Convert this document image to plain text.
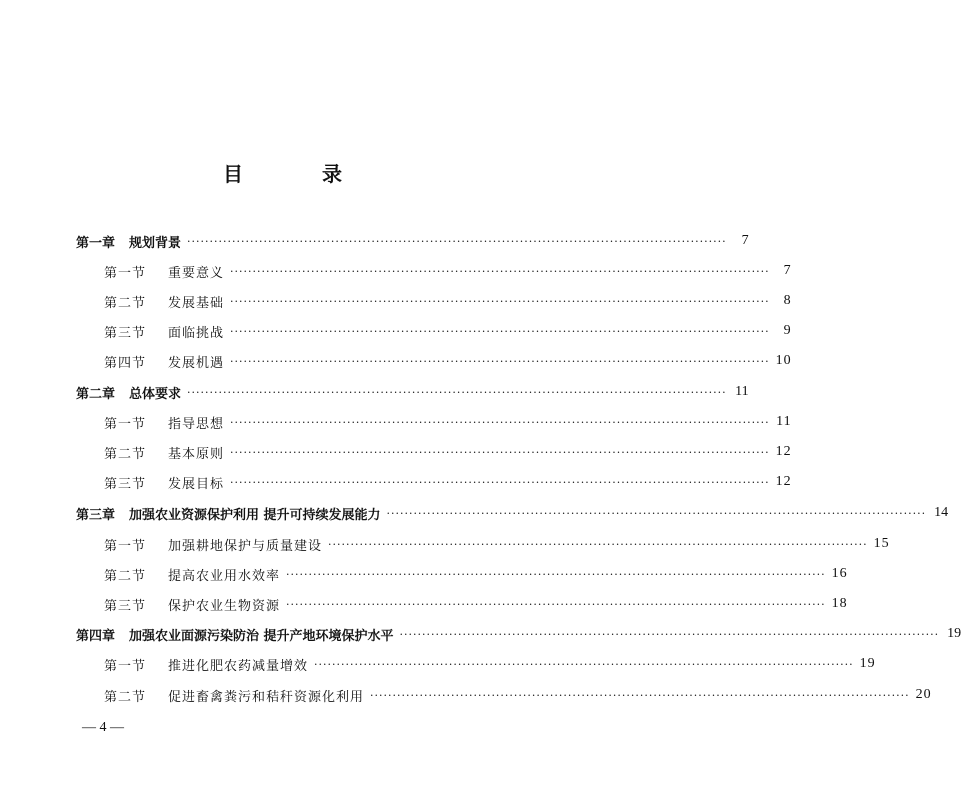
目 录
第一章 规划背景 ························································································································	7
第一节 重要意义 ························································································································	7
第二节 发展基础 ························································································································	8
第三节 面临挑战 ························································································································	9
第四节 发展机遇 ························································································································ 10
第二章 总体要求 ························································································································ 11
第一节 指导思想 ························································································································ 11
第二节 基本原则 ························································································································ 12
第三节 发展目标 ························································································································ 12
第三章 加强农业资源保护利用 提升可持续发展能力 ························································································································ 14
第一节 加强耕地保护与质量建设 ························································································································ 15
第二节 提高农业用水效率 ························································································································ 16
第三节 保护农业生物资源 ························································································································ 18
第四章 加强农业面源污染防治 提升产地环境保护水平 ························································································································ 19
第一节 推进化肥农药减量增效 ························································································································ 19
第二节 促进畜禽粪污和秸秆资源化利用 ························································································································ 20
— 4 —
